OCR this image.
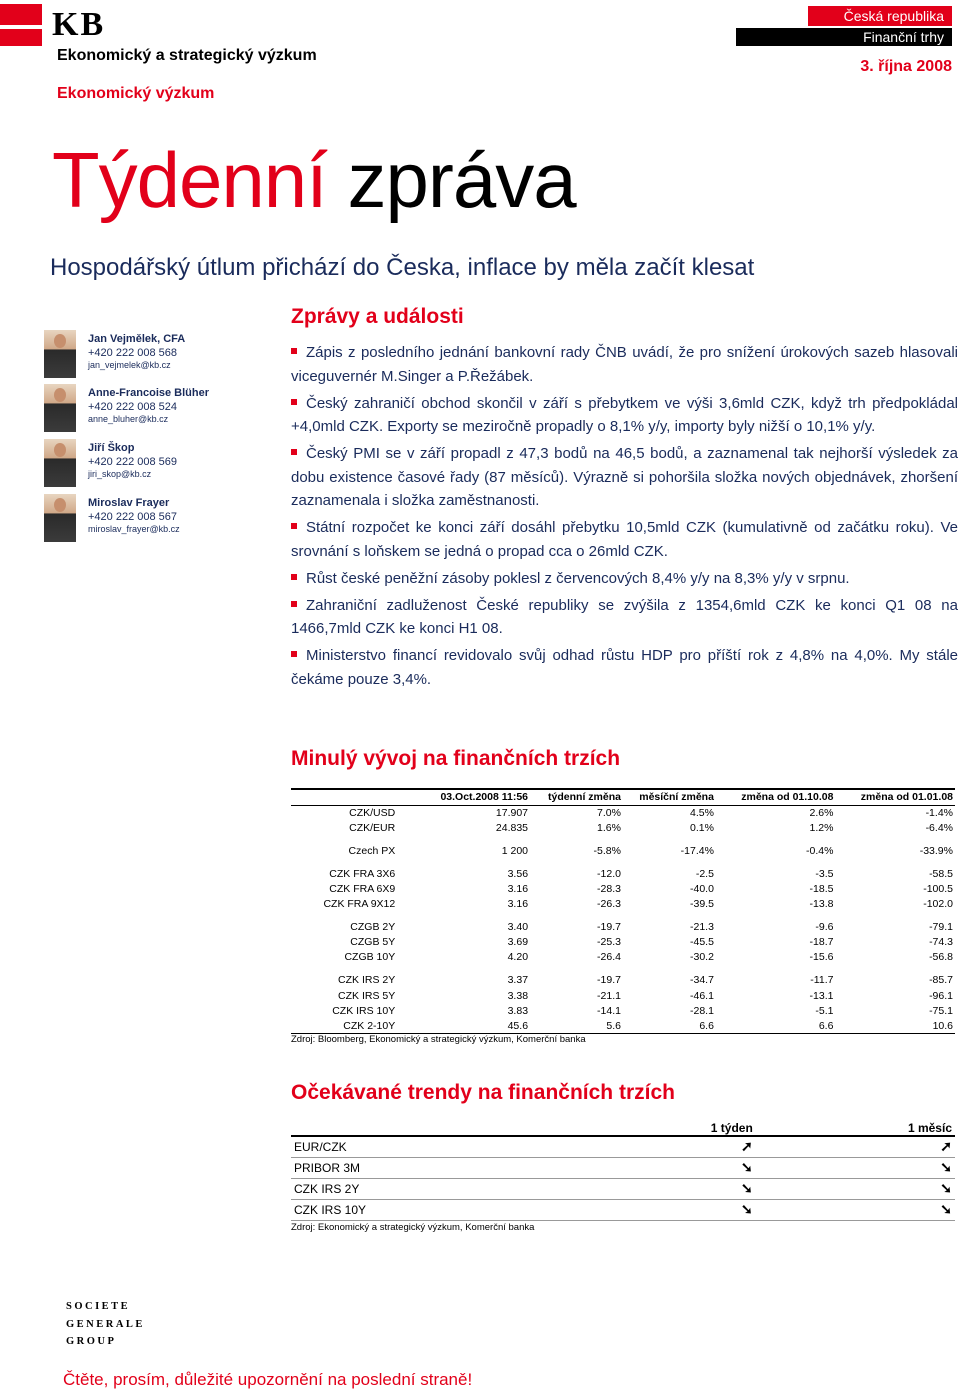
KB
Ekonomický a strategický výzkum
Ekonomický výzkum
Česká republika
Finanční trhy
3. října 2008
Týdenní zpráva
Hospodářský útlum přichází do Česka, inflace by měla začít klesat
Jan Vejmělek, CFA
+420 222 008 568
jan_vejmelek@kb.cz
Anne-Francoise Blüher
+420 222 008 524
anne_bluher@kb.cz
Jiří Škop
+420 222 008 569
jiri_skop@kb.cz
Miroslav Frayer
+420 222 008 567
miroslav_frayer@kb.cz
Zprávy a události

Zápis z posledního jednání bankovní rady ČNB uvádí, že pro snížení úrokových sazeb hlasovali viceguvernér M.Singer a P.Řežábek.

Český zahraničí obchod skončil v září s přebytkem ve výši 3,6mld CZK, když trh předpokládal +4,0mld CZK. Exporty se meziročně propadly o 8,1% y/y, importy byly nižší o 10,1% y/y.

Český PMI se v září propadl z 47,3 bodů na 46,5 bodů, a zaznamenal tak nejhorší výsledek za dobu existence časové řady (87 měsíců). Výrazně si pohoršila složka nových objednávek, zhoršení zaznamenala i složka zaměstnanosti.

Státní rozpočet ke konci září dosáhl přebytku 10,5mld CZK (kumulativně od začátku roku). Ve srovnání s loňskem se jedná o propad cca o 26mld CZK.

Růst české peněžní zásoby poklesl z červencových 8,4% y/y na 8,3% y/y v srpnu.

Zahraniční zadluženost České republiky se zvýšila z 1354,6mld CZK ke konci Q1 08 na 1466,7mld CZK ke konci H1 08.

Ministerstvo financí revidovalo svůj odhad růstu HDP pro příští rok z 4,8% na 4,0%. My stále čekáme pouze 3,4%.

Minulý vývoj na finančních trzích
	03.Oct.2008 11:56	týdenní změna	měsíční změna	změna od 01.10.08	změna od 01.01.08
CZK/USD	17.907	7.0%	4.5%	2.6%	-1.4%
CZK/EUR	24.835	1.6%	0.1%	1.2%	-6.4%

Czech PX	1 200	-5.8%	-17.4%	-0.4%	-33.9%

CZK FRA 3X6	3.56	-12.0	-2.5	-3.5	-58.5
CZK FRA 6X9	3.16	-28.3	-40.0	-18.5	-100.5
CZK FRA 9X12	3.16	-26.3	-39.5	-13.8	-102.0

CZGB 2Y	3.40	-19.7	-21.3	-9.6	-79.1
CZGB 5Y	3.69	-25.3	-45.5	-18.7	-74.3
CZGB 10Y	4.20	-26.4	-30.2	-15.6	-56.8

CZK IRS 2Y	3.37	-19.7	-34.7	-11.7	-85.7
CZK IRS 5Y	3.38	-21.1	-46.1	-13.1	-96.1
CZK IRS 10Y	3.83	-14.1	-28.1	-5.1	-75.1
CZK 2-10Y	45.6	5.6	6.6	6.6	10.6
Zdroj: Bloomberg, Ekonomický a strategický výzkum, Komerční banka
Očekávané trendy na finančních trzích
	1 týden	1 měsíc
EUR/CZK	➚	➚
PRIBOR 3M	➘	➘
CZK IRS 2Y	➘	➘
CZK IRS 10Y	➘	➘
Zdroj: Ekonomický a strategický výzkum, Komerční banka
SOCIETE
GENERALE
GROUP
Čtěte, prosím, důležité upozornění na poslední straně!
